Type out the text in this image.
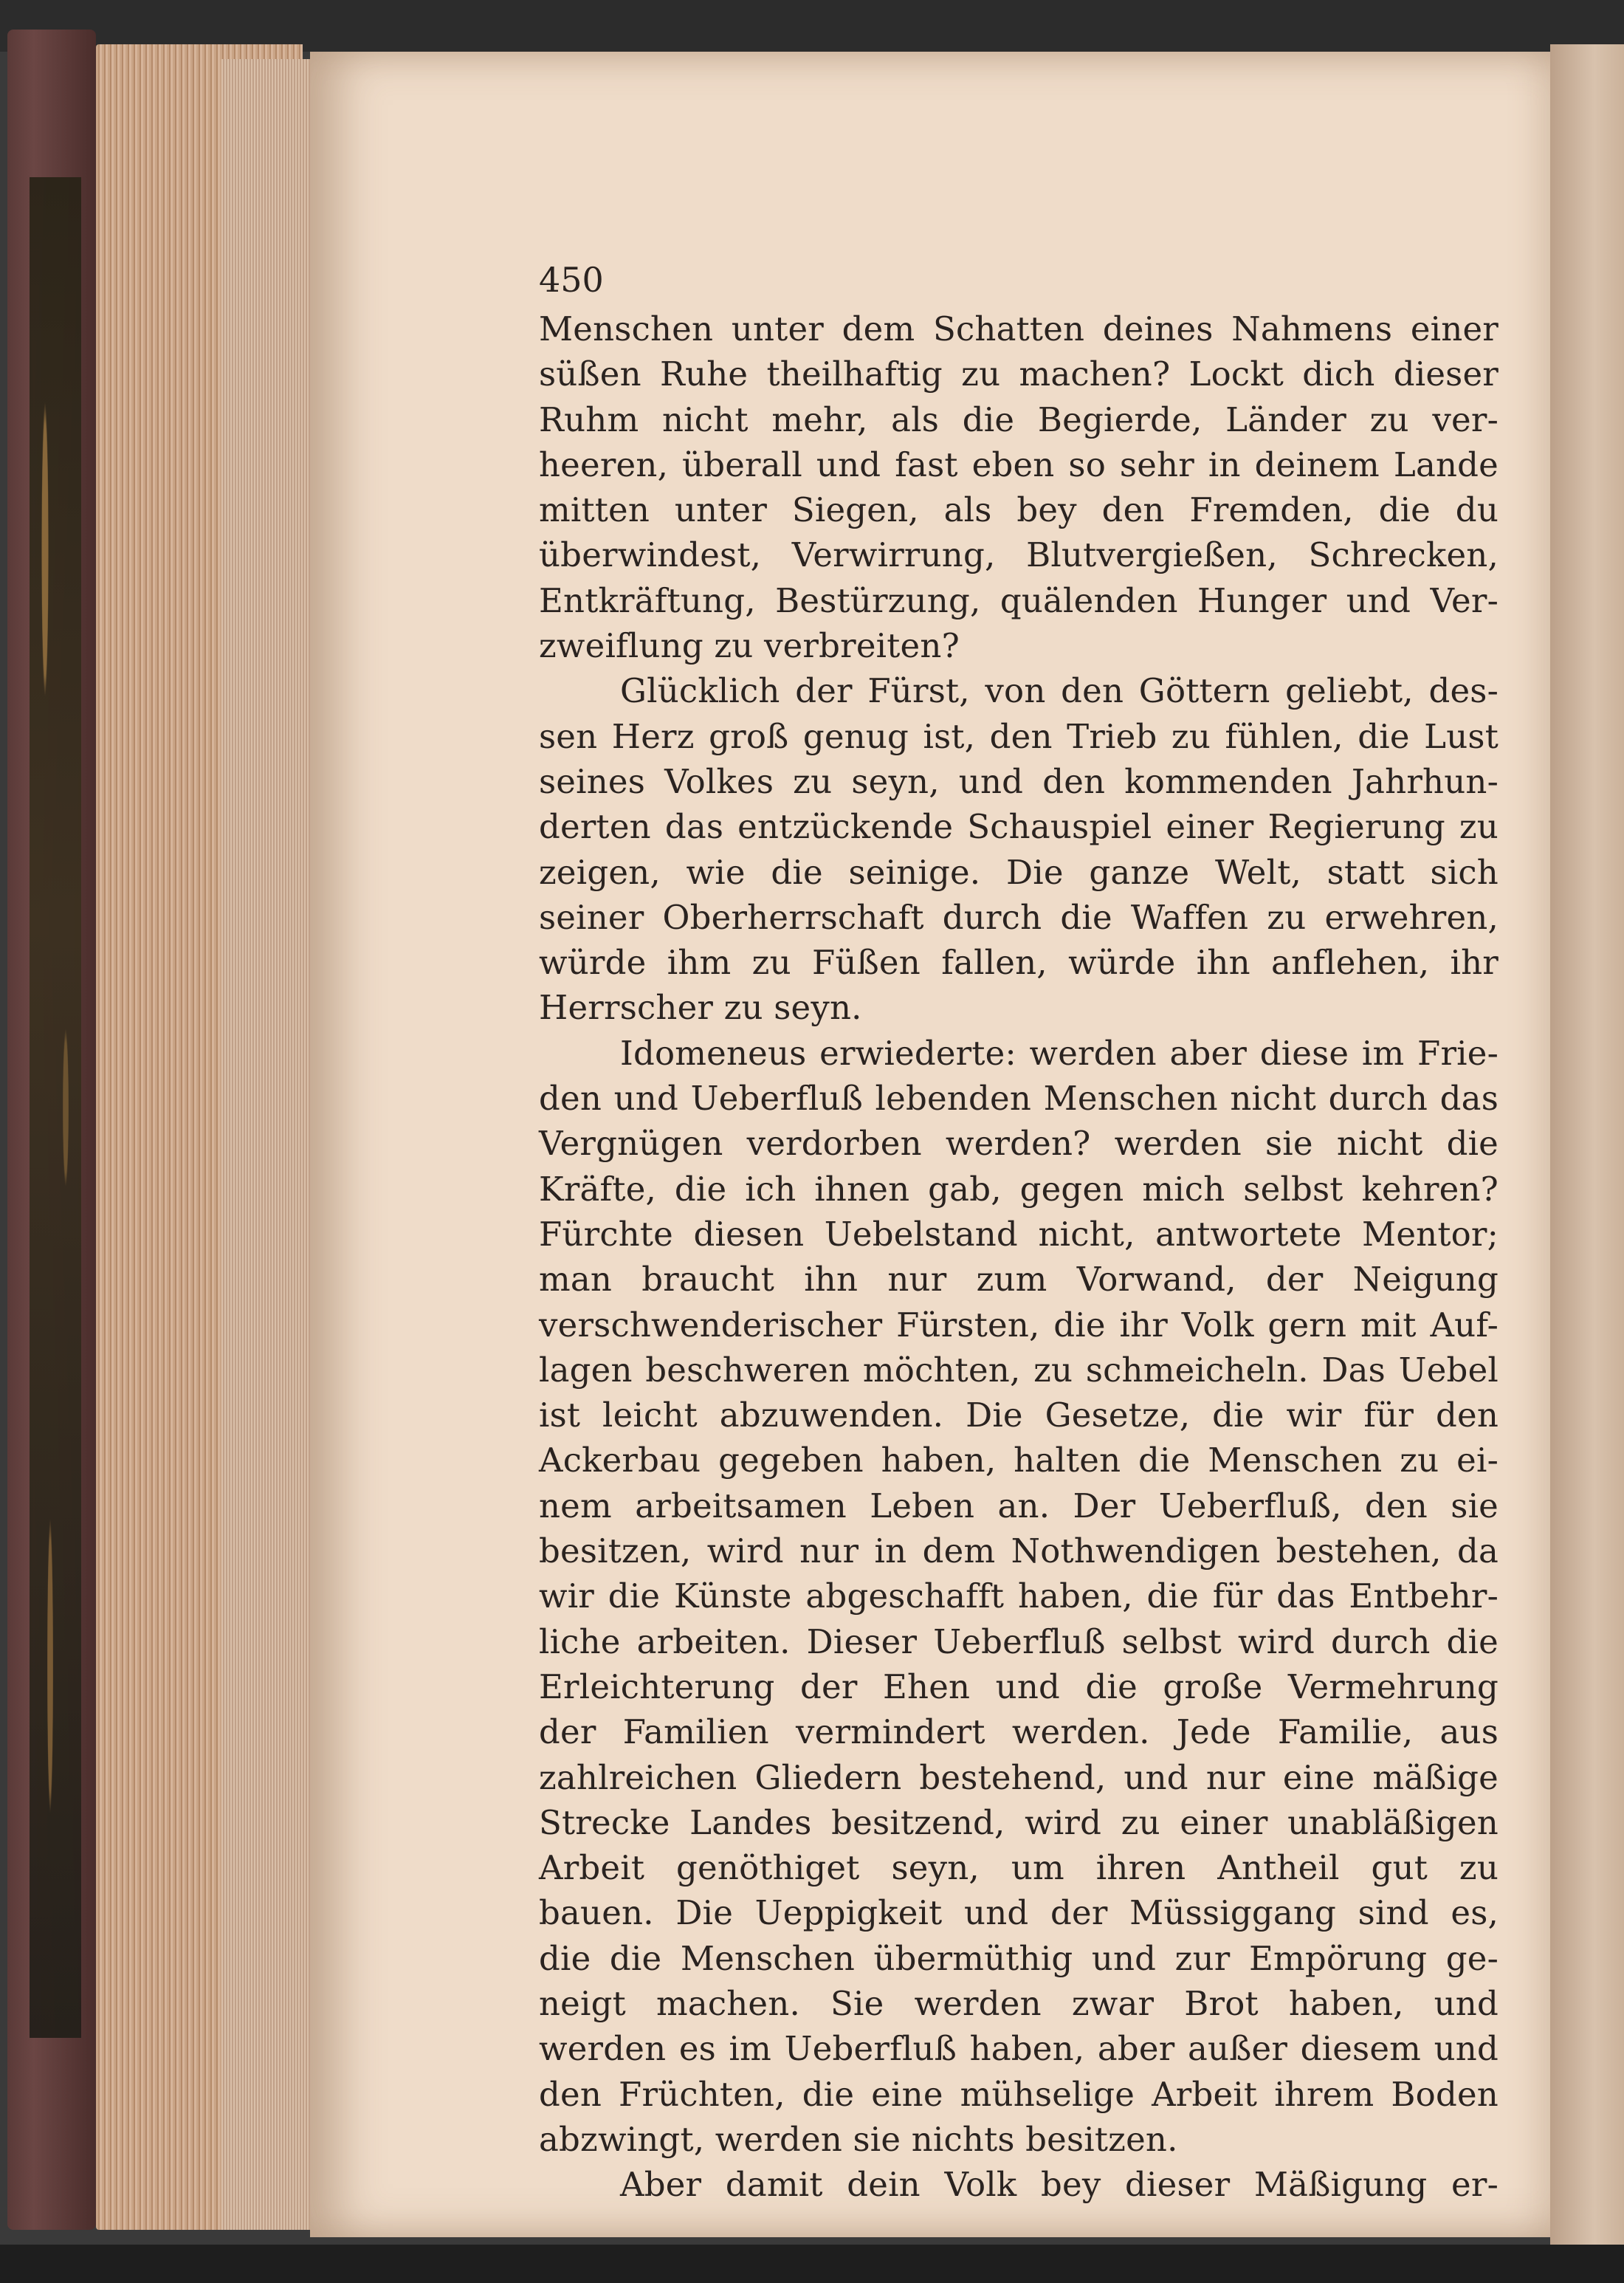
450

Menschen unter dem Schatten deines Nahmens einer
süßen Ruhe theilhaftig zu machen? Lockt dich dieser
Ruhm nicht mehr, als die Begierde, Länder zu ver-
heeren, überall und fast eben so sehr in deinem Lande
mitten unter Siegen, als bey den Fremden, die du
überwindest, Verwirrung, Blutvergießen, Schrecken,
Entkräftung, Bestürzung, quälenden Hunger und Ver-
zweiflung zu verbreiten?
Glücklich der Fürst, von den Göttern geliebt, des-
sen Herz groß genug ist, den Trieb zu fühlen, die Lust
seines Volkes zu seyn, und den kommenden Jahrhun-
derten das entzückende Schauspiel einer Regierung zu
zeigen, wie die seinige. Die ganze Welt, statt sich
seiner Oberherrschaft durch die Waffen zu erwehren,
würde ihm zu Füßen fallen, würde ihn anflehen, ihr
Herrscher zu seyn.
Idomeneus erwiederte: werden aber diese im Frie-
den und Ueberfluß lebenden Menschen nicht durch das
Vergnügen verdorben werden? werden sie nicht die
Kräfte, die ich ihnen gab, gegen mich selbst kehren?
Fürchte diesen Uebelstand nicht, antwortete Mentor;
man braucht ihn nur zum Vorwand, der Neigung
verschwenderischer Fürsten, die ihr Volk gern mit Auf-
lagen beschweren möchten, zu schmeicheln. Das Uebel
ist leicht abzuwenden. Die Gesetze, die wir für den
Ackerbau gegeben haben, halten die Menschen zu ei-
nem arbeitsamen Leben an. Der Ueberfluß, den sie
besitzen, wird nur in dem Nothwendigen bestehen, da
wir die Künste abgeschafft haben, die für das Entbehr-
liche arbeiten. Dieser Ueberfluß selbst wird durch die
Erleichterung der Ehen und die große Vermehrung
der Familien vermindert werden. Jede Familie, aus
zahlreichen Gliedern bestehend, und nur eine mäßige
Strecke Landes besitzend, wird zu einer unabläßigen
Arbeit genöthiget seyn, um ihren Antheil gut zu
bauen. Die Ueppigkeit und der Müssiggang sind es,
die die Menschen übermüthig und zur Empörung ge-
neigt machen. Sie werden zwar Brot haben, und
werden es im Ueberfluß haben, aber außer diesem und
den Früchten, die eine mühselige Arbeit ihrem Boden
abzwingt, werden sie nichts besitzen.
Aber damit dein Volk bey dieser Mäßigung er-
